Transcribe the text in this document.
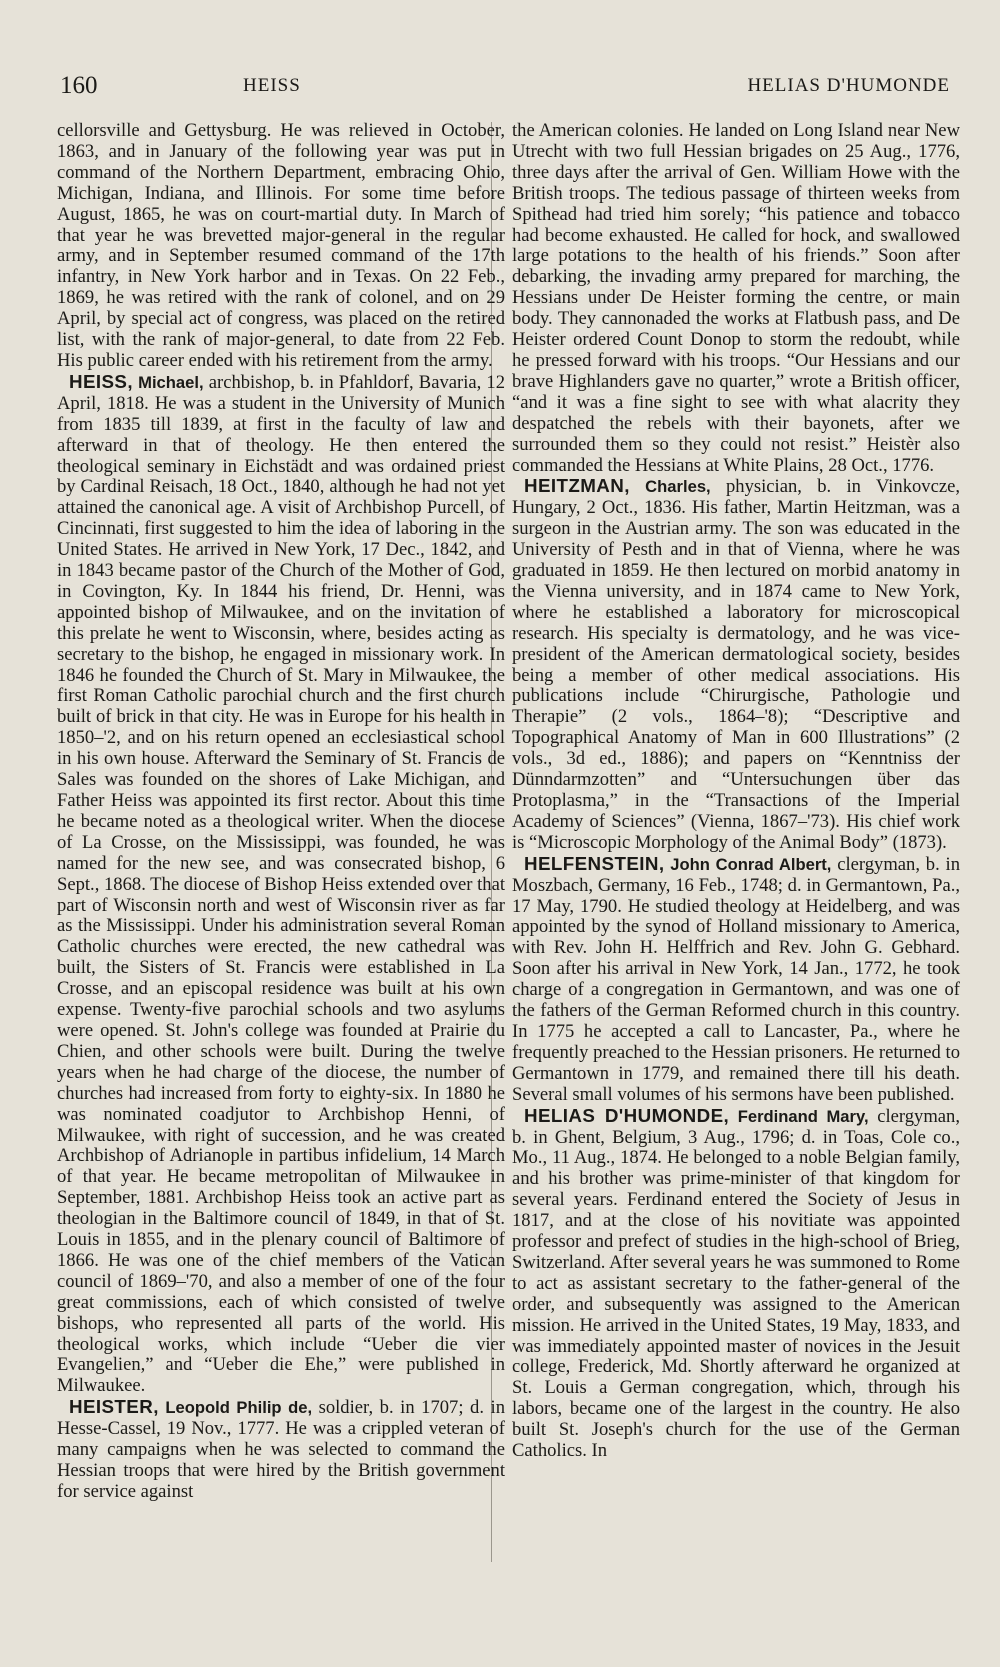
160	HEISS	HELIAS D'HUMONDE

cellorsville and Gettysburg. He was relieved in October, 1863, and in January of the following year was put in command of the Northern Department, embracing Ohio, Michigan, Indiana, and Illinois. For some time before August, 1865, he was on court-martial duty. In March of that year he was brevetted major-general in the regular army, and in September resumed command of the 17th infantry, in New York harbor and in Texas. On 22 Feb., 1869, he was retired with the rank of colonel, and on 29 April, by special act of congress, was placed on the retired list, with the rank of major-general, to date from 22 Feb. His public career ended with his retirement from the army.

HEISS, Michael, archbishop, b. in Pfahldorf, Bavaria, 12 April, 1818. He was a student in the University of Munich from 1835 till 1839, at first in the faculty of law and afterward in that of theology. He then entered the theological seminary in Eichstädt and was ordained priest by Cardinal Reisach, 18 Oct., 1840, although he had not yet attained the canonical age. A visit of Archbishop Purcell, of Cincinnati, first suggested to him the idea of laboring in the United States. He arrived in New York, 17 Dec., 1842, and in 1843 became pastor of the Church of the Mother of God, in Covington, Ky. In 1844 his friend, Dr. Henni, was appointed bishop of Milwaukee, and on the invitation of this prelate he went to Wisconsin, where, besides acting as secretary to the bishop, he engaged in missionary work. In 1846 he founded the Church of St. Mary in Milwaukee, the first Roman Catholic parochial church and the first church built of brick in that city. He was in Europe for his health in 1850–'2, and on his return opened an ecclesiastical school in his own house. Afterward the Seminary of St. Francis de Sales was founded on the shores of Lake Michigan, and Father Heiss was appointed its first rector. About this time he became noted as a theological writer. When the diocese of La Crosse, on the Mississippi, was founded, he was named for the new see, and was consecrated bishop, 6 Sept., 1868. The diocese of Bishop Heiss extended over that part of Wisconsin north and west of Wisconsin river as far as the Mississippi. Under his administration several Roman Catholic churches were erected, the new cathedral was built, the Sisters of St. Francis were established in La Crosse, and an episcopal residence was built at his own expense. Twenty-five parochial schools and two asylums were opened. St. John's college was founded at Prairie du Chien, and other schools were built. During the twelve years when he had charge of the diocese, the number of churches had increased from forty to eighty-six. In 1880 he was nominated coadjutor to Archbishop Henni, of Milwaukee, with right of succession, and he was created Archbishop of Adrianople in partibus infidelium, 14 March of that year. He became metropolitan of Milwaukee in September, 1881. Archbishop Heiss took an active part as theologian in the Baltimore council of 1849, in that of St. Louis in 1855, and in the plenary council of Baltimore of 1866. He was one of the chief members of the Vatican council of 1869–'70, and also a member of one of the four great commissions, each of which consisted of twelve bishops, who represented all parts of the world. His theological works, which include “Ueber die vier Evangelien,” and “Ueber die Ehe,” were published in Milwaukee.

HEISTER, Leopold Philip de, soldier, b. in 1707; d. in Hesse-Cassel, 19 Nov., 1777. He was a crippled veteran of many campaigns when he was selected to command the Hessian troops that were hired by the British government for service against

the American colonies. He landed on Long Island near New Utrecht with two full Hessian brigades on 25 Aug., 1776, three days after the arrival of Gen. William Howe with the British troops. The tedious passage of thirteen weeks from Spithead had tried him sorely; “his patience and tobacco had become exhausted. He called for hock, and swallowed large potations to the health of his friends.” Soon after debarking, the invading army prepared for marching, the Hessians under De Heister forming the centre, or main body. They cannonaded the works at Flatbush pass, and De Heister ordered Count Donop to storm the redoubt, while he pressed forward with his troops. “Our Hessians and our brave Highlanders gave no quarter,” wrote a British officer, “and it was a fine sight to see with what alacrity they despatched the rebels with their bayonets, after we surrounded them so they could not resist.” Heistèr also commanded the Hessians at White Plains, 28 Oct., 1776.

HEITZMAN, Charles, physician, b. in Vinkovcze, Hungary, 2 Oct., 1836. His father, Martin Heitzman, was a surgeon in the Austrian army. The son was educated in the University of Pesth and in that of Vienna, where he was graduated in 1859. He then lectured on morbid anatomy in the Vienna university, and in 1874 came to New York, where he established a laboratory for microscopical research. His specialty is dermatology, and he was vice-president of the American dermatological society, besides being a member of other medical associations. His publications include “Chirurgische, Pathologie und Therapie” (2 vols., 1864–'8); “Descriptive and Topographical Anatomy of Man in 600 Illustrations” (2 vols., 3d ed., 1886); and papers on “Kenntniss der Dünndarmzotten” and “Untersuchungen über das Protoplasma,” in the “Transactions of the Imperial Academy of Sciences” (Vienna, 1867–'73). His chief work is “Microscopic Morphology of the Animal Body” (1873).

HELFENSTEIN, John Conrad Albert, clergyman, b. in Moszbach, Germany, 16 Feb., 1748; d. in Germantown, Pa., 17 May, 1790. He studied theology at Heidelberg, and was appointed by the synod of Holland missionary to America, with Rev. John H. Helffrich and Rev. John G. Gebhard. Soon after his arrival in New York, 14 Jan., 1772, he took charge of a congregation in Germantown, and was one of the fathers of the German Reformed church in this country. In 1775 he accepted a call to Lancaster, Pa., where he frequently preached to the Hessian prisoners. He returned to Germantown in 1779, and remained there till his death. Several small volumes of his sermons have been published.

HELIAS D'HUMONDE, Ferdinand Mary, clergyman, b. in Ghent, Belgium, 3 Aug., 1796; d. in Toas, Cole co., Mo., 11 Aug., 1874. He belonged to a noble Belgian family, and his brother was prime-minister of that kingdom for several years. Ferdinand entered the Society of Jesus in 1817, and at the close of his novitiate was appointed professor and prefect of studies in the high-school of Brieg, Switzerland. After several years he was summoned to Rome to act as assistant secretary to the father-general of the order, and subsequently was assigned to the American mission. He arrived in the United States, 19 May, 1833, and was immediately appointed master of novices in the Jesuit college, Frederick, Md. Shortly afterward he organized at St. Louis a German congregation, which, through his labors, became one of the largest in the country. He also built St. Joseph's church for the use of the German Catholics. In
